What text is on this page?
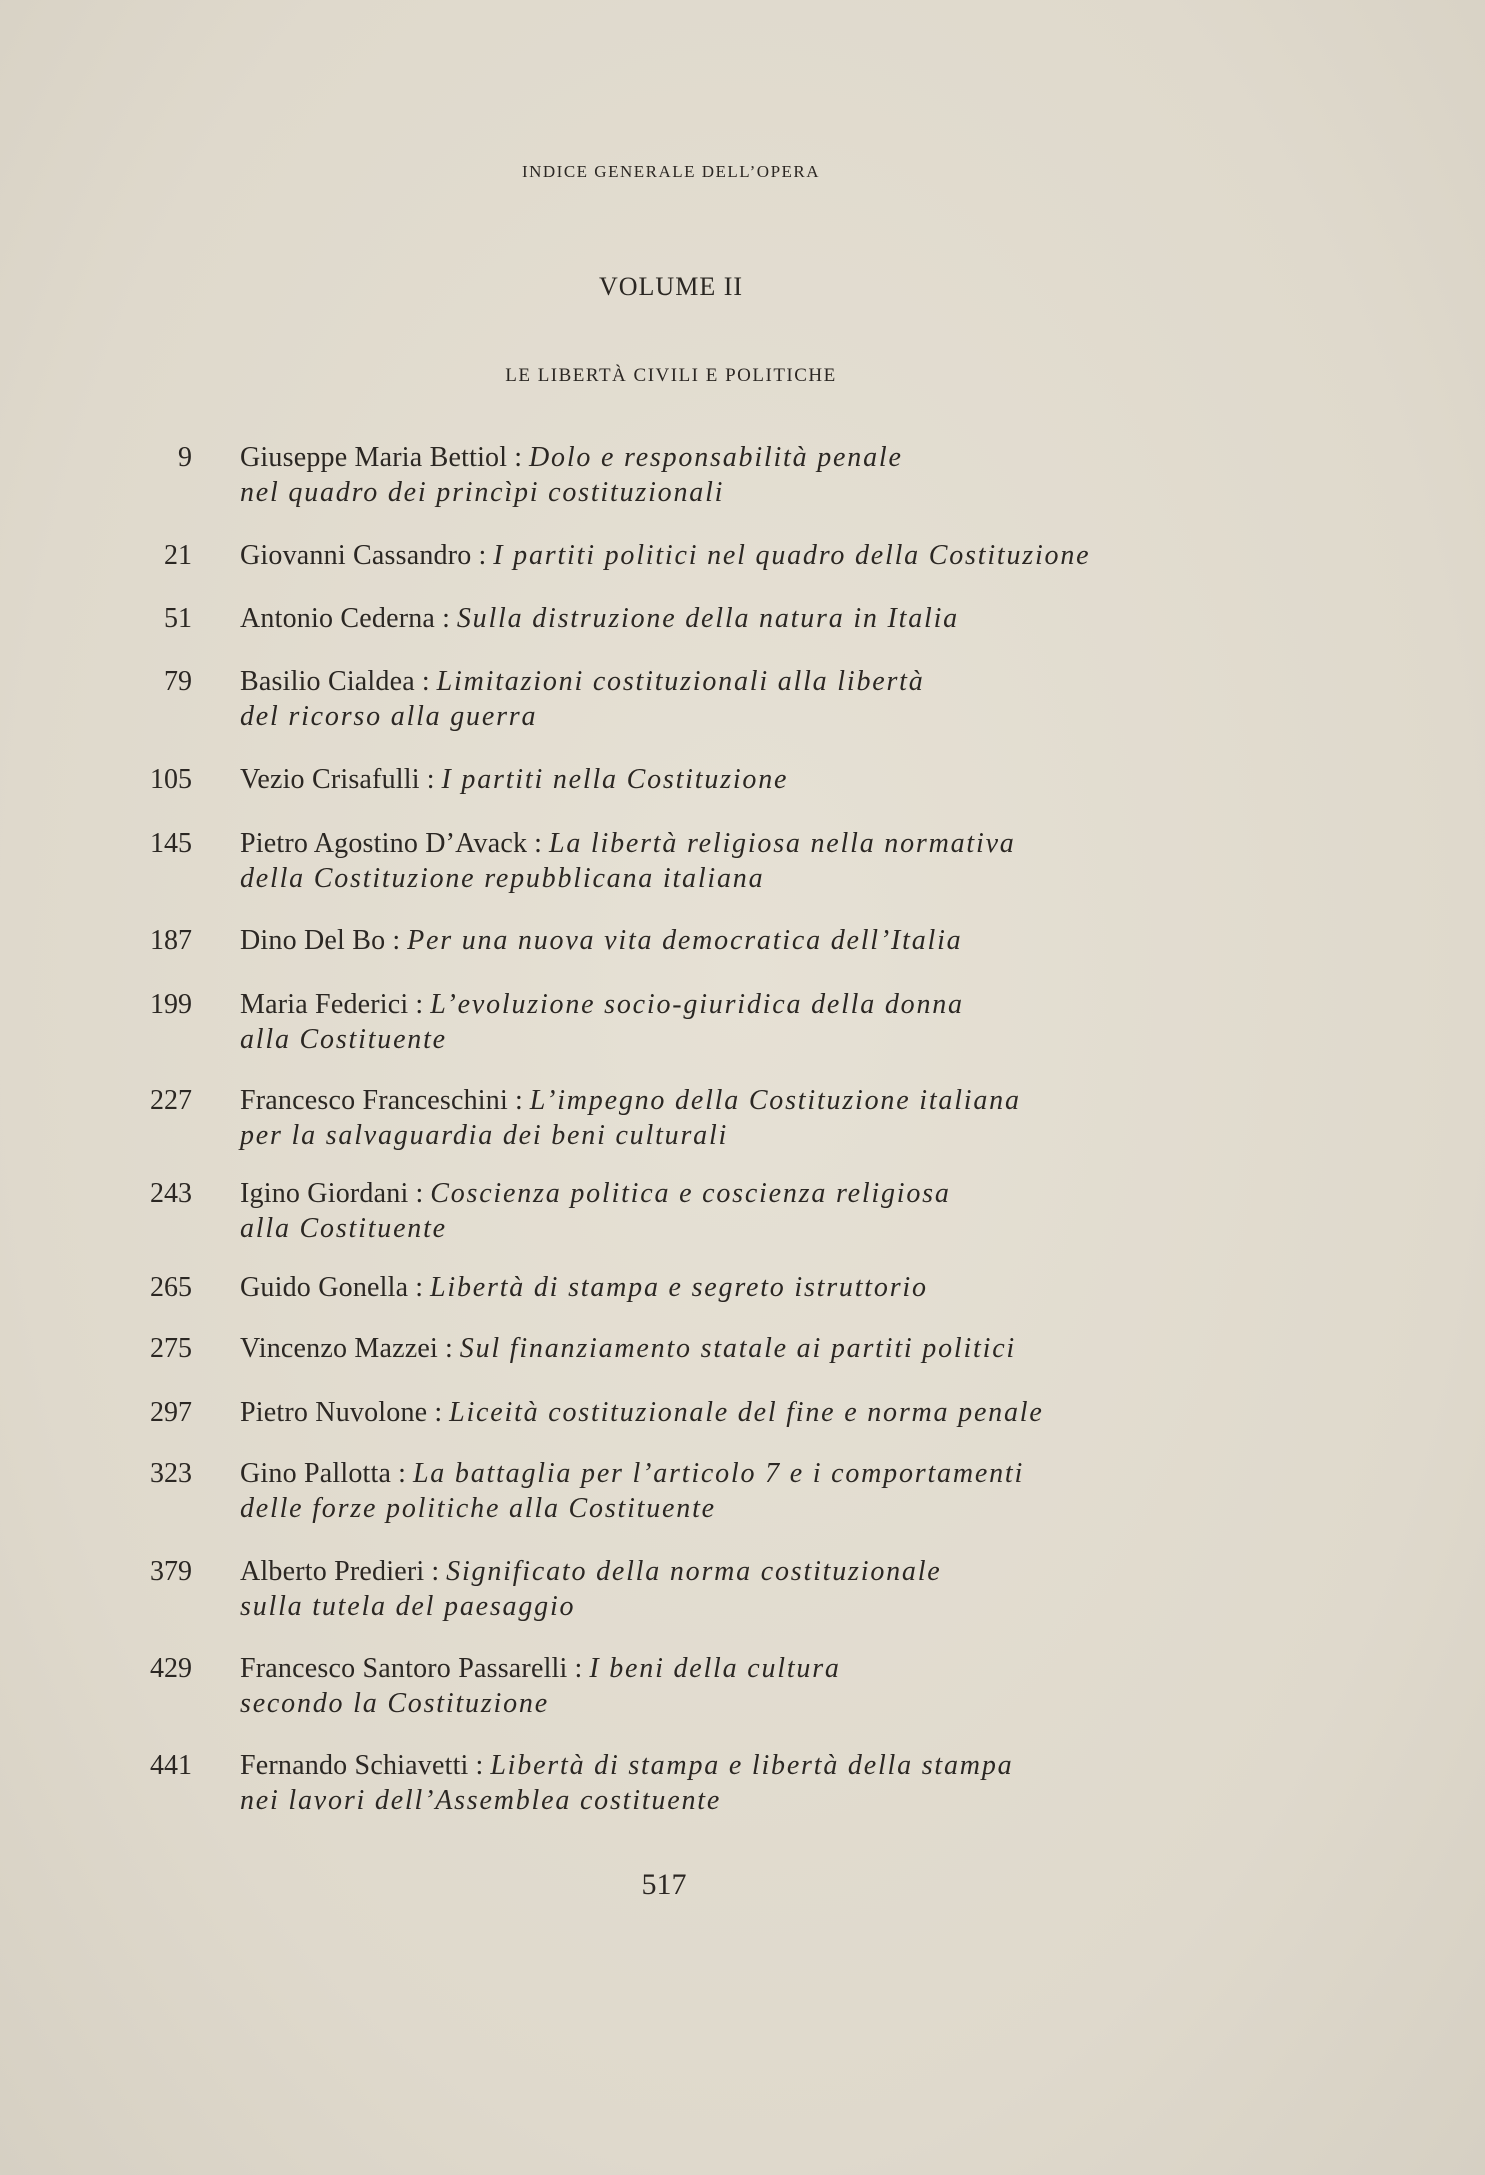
INDICE GENERALE DELL’OPERA
VOLUME II
LE LIBERTÀ CIVILI E POLITICHE
9 Giuseppe Maria Bettiol : Dolo e responsabilità penale
nel quadro dei princìpi costituzionali
21 Giovanni Cassandro : I partiti politici nel quadro della Costituzione
51 Antonio Cederna : Sulla distruzione della natura in Italia
79 Basilio Cialdea : Limitazioni costituzionali alla libertà
del ricorso alla guerra
105 Vezio Crisafulli : I partiti nella Costituzione
145 Pietro Agostino D’Avack : La libertà religiosa nella normativa
della Costituzione repubblicana italiana
187 Dino Del Bo : Per una nuova vita democratica dell’Italia
199 Maria Federici : L’evoluzione socio-giuridica della donna
alla Costituente
227 Francesco Franceschini : L’impegno della Costituzione italiana
per la salvaguardia dei beni culturali
243 Igino Giordani : Coscienza politica e coscienza religiosa
alla Costituente
265 Guido Gonella : Libertà di stampa e segreto istruttorio
275 Vincenzo Mazzei : Sul finanziamento statale ai partiti politici
297 Pietro Nuvolone : Liceità costituzionale del fine e norma penale
323 Gino Pallotta : La battaglia per l’articolo 7 e i comportamenti
delle forze politiche alla Costituente
379 Alberto Predieri : Significato della norma costituzionale
sulla tutela del paesaggio
429 Francesco Santoro Passarelli : I beni della cultura
secondo la Costituzione
441 Fernando Schiavetti : Libertà di stampa e libertà della stampa
nei lavori dell’Assemblea costituente
517
